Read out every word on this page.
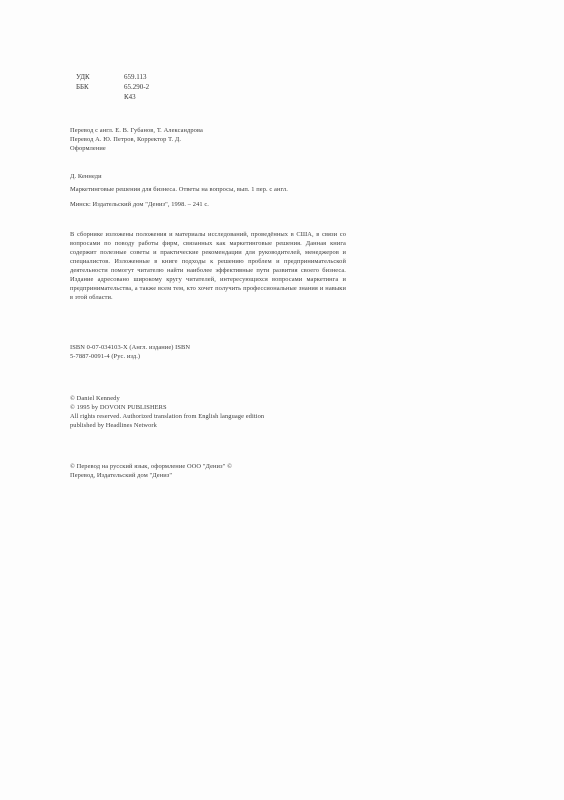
УДК	659.113
ББК	65.290-2
К43

Перевод с англ. Е. В. Губанов, Т. Александрова

Перевод А. Ю. Петров, Корректор Т. Д.

Оформление

Д. Кеннеди

Маркетинговые решения для бизнеса. Ответы на вопросы, вып. 1 пер. с англ.

Минск: Издательский дом "Дениз", 1998. – 241 с.

В сборнике изложены положения и материалы исследований, проведённых в США, в связи со вопросами по поводу работы фирм, связанных как маркетинговые решения. Данная книга содержит полезные советы и практические рекомендации для руководителей, менеджеров и специалистов. Изложенные в книге подходы к решению проблем и предпринимательской деятельности помогут читателю найти наиболее эффективные пути развития своего бизнеса. Издание адресовано широкому кругу читателей, интересующихся вопросами маркетинга и предпринимательства, а также всем тем, кто хочет получить профессиональные знания и навыки в этой области.

ISBN 0-07-034103-X (Англ. издание) ISBN

5-7887-0091-4 (Рус. изд.)

© Daniel Kennedy

© 1995 by DOVOIN PUBLISHERS

All rights reserved. Authorized translation from English language edition

published by Headlines Network

© Перевод на русский язык, оформление ООО "Дениз" ©

Перевод, Издательский дом "Дениз"
